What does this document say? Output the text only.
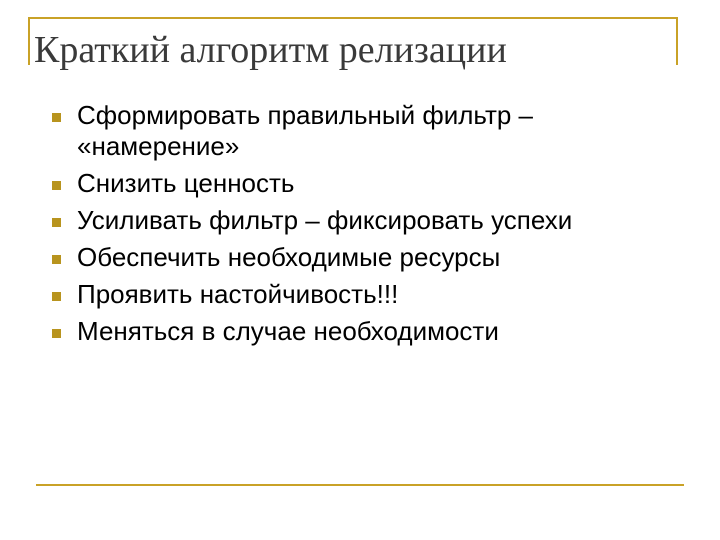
Краткий алгоритм релизации
Сформировать правильный фильтр – «намерение»
Снизить ценность
Усиливать фильтр – фиксировать успехи
Обеспечить необходимые ресурсы
Проявить настойчивость!!!
Меняться в случае необходимости
